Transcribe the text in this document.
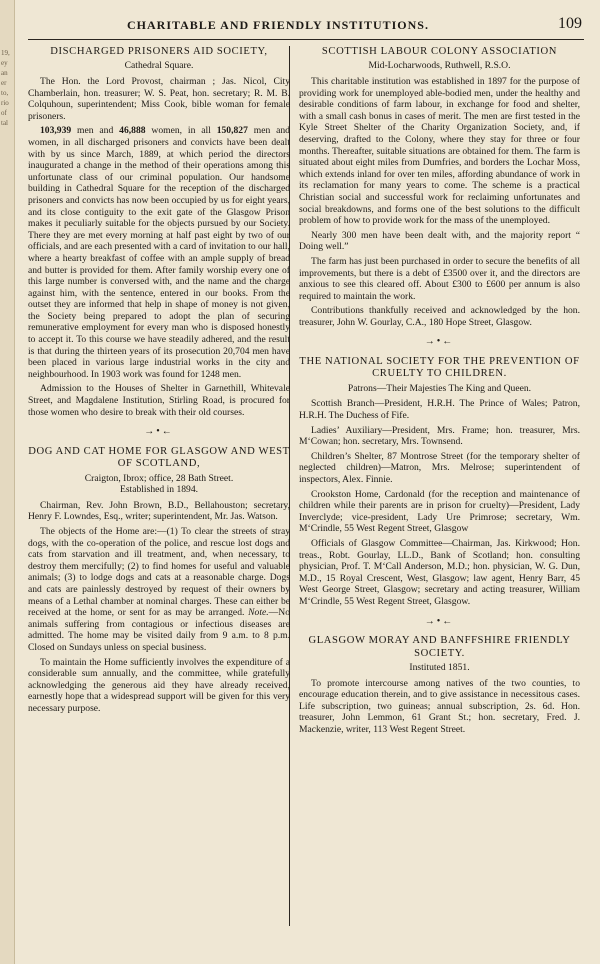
19,
ey
an
er
to,
rio
of
tal
CHARITABLE AND FRIENDLY INSTITUTIONS.	109
DISCHARGED PRISONERS AID SOCIETY,
Cathedral Square.

The Hon. the Lord Provost, chairman ; Jas. Nicol, City Chamberlain, hon. treasurer; W. S. Peat, hon. secretary; R. M. B. Colquhoun, superintendent; Miss Cook, bible woman for female prisoners.

103,939 men and 46,888 women, in all 150,827 men and women, in all discharged prisoners and convicts have been dealt with by us since March, 1889, at which period the directors inaugurated a change in the method of their operations among this unfortunate class of our criminal population. Our handsome building in Cathedral Square for the reception of the discharged prisoners and convicts has now been occupied by us for eight years, and its close contiguity to the exit gate of the Glasgow Prison makes it peculiarly suitable for the objects pursued by our Society. There they are met every morning at half past eight by two of our officials, and are each presented with a card of invitation to our hall, where a hearty breakfast of coffee with an ample supply of bread and butter is provided for them. After family worship every one of this large number is conversed with, and the name and the charge against him, with the sentence, entered in our books. From the outset they are informed that help in shape of money is not given, the Society being prepared to adopt the plan of securing remunerative employment for every man who is disposed honestly to accept it. To this course we have steadily adhered, and the result is that during the thirteen years of its prosecution 20,704 men have been placed in various large industrial works in the city and neighbourhood. In 1903 work was found for 1248 men.

Admission to the Houses of Shelter in Garnethill, Whitevale Street, and Magdalene Institution, Stirling Road, is procured for those women who desire to break with their old courses.

→•←
DOG AND CAT HOME FOR GLASGOW AND WEST OF SCOTLAND,
Craigton, Ibrox; office, 28 Bath Street.
Established in 1894.

Chairman, Rev. John Brown, B.D., Bellahouston; secretary, Henry F. Lowndes, Esq., writer; superintendent, Mr. Jas. Watson.

The objects of the Home are:—(1) To clear the streets of stray dogs, with the co-operation of the police, and rescue lost dogs and cats from starvation and ill treatment, and, when necessary, to destroy them mercifully; (2) to find homes for useful and valuable animals; (3) to lodge dogs and cats at a reasonable charge. Dogs and cats are painlessly destroyed by request of their owners by means of a Lethal chamber at nominal charges. These can either be received at the home, or sent for as may be arranged. Note.—No animals suffering from contagious or infectious diseases are admitted. The home may be visited daily from 9 a.m. to 8 p.m. Closed on Sundays unless on special business.

To maintain the Home sufficiently involves the expenditure of a considerable sum annually, and the committee, while gratefully acknowledging the generous aid they have already received, earnestly hope that a widespread support will be given for this very necessary purpose.

SCOTTISH LABOUR COLONY ASSOCIATION
Mid-Locharwoods, Ruthwell, R.S.O.

This charitable institution was established in 1897 for the purpose of providing work for unemployed able-bodied men, under the healthy and desirable conditions of farm labour, in exchange for food and shelter, with a small cash bonus in cases of merit. The men are first tested in the Kyle Street Shelter of the Charity Organization Society, and, if deserving, drafted to the Colony, where they stay for three or four months. Thereafter, suitable situations are obtained for them. The farm is situated about eight miles from Dumfries, and borders the Lochar Moss, which extends inland for over ten miles, affording abundance of work in its reclamation for many years to come. The scheme is a practical Christian social and successful work for reclaiming unfortunates and social breakdowns, and forms one of the best solutions to the difficult problem of how to provide work for the mass of the unemployed.

Nearly 300 men have been dealt with, and the majority report “ Doing well.”

The farm has just been purchased in order to secure the benefits of all improvements, but there is a debt of £3500 over it, and the directors are anxious to see this cleared off. About £300 to £600 per annum is also required to maintain the work.

Contributions thankfully received and acknowledged by the hon. treasurer, John W. Gourlay, C.A., 180 Hope Street, Glasgow.

→•←
THE NATIONAL SOCIETY FOR THE PREVENTION OF CRUELTY TO CHILDREN.
Patrons—Their Majesties The King and Queen.

Scottish Branch—President, H.R.H. The Prince of Wales; Patron, H.R.H. The Duchess of Fife.

Ladies’ Auxiliary—President, Mrs. Frame; hon. treasurer, Mrs. M‘Cowan; hon. secretary, Mrs. Townsend.

Children’s Shelter, 87 Montrose Street (for the temporary shelter of neglected children)—Matron, Mrs. Melrose; superintendent of inspectors, Alex. Finnie.

Crookston Home, Cardonald (for the reception and maintenance of children while their parents are in prison for cruelty)—President, Lady Inverclyde; vice-president, Lady Ure Primrose; secretary, Wm. M‘Crindle, 55 West Regent Street, Glasgow

Officials of Glasgow Committee—Chairman, Jas. Kirkwood; Hon. treas., Robt. Gourlay, LL.D., Bank of Scotland; hon. consulting physician, Prof. T. M‘Call Anderson, M.D.; hon. physician, W. G. Dun, M.D., 15 Royal Crescent, West, Glasgow; law agent, Henry Barr, 45 West George Street, Glasgow; secretary and acting treasurer, William M‘Crindle, 55 West Regent Street, Glasgow.

→•←
GLASGOW MORAY AND BANFFSHIRE FRIENDLY SOCIETY.
Instituted 1851.

To promote intercourse among natives of the two counties, to encourage education therein, and to give assistance in necessitous cases. Life subscription, two guineas; annual subscription, 2s. 6d. Hon. treasurer, John Lemmon, 61 Grant St.; hon. secretary, Fred. J. Mackenzie, writer, 113 West Regent Street.
